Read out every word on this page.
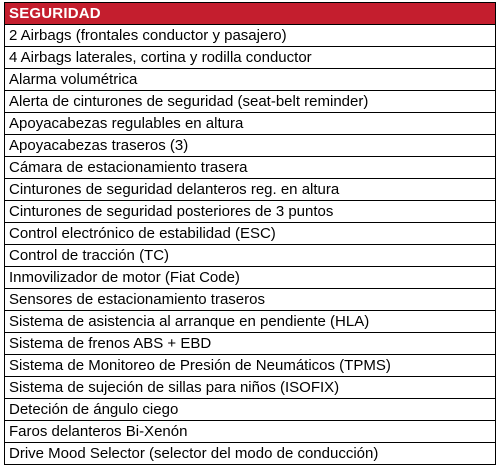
SEGURIDAD
2 Airbags (frontales conductor y pasajero)
4 Airbags laterales, cortina y rodilla conductor
Alarma volumétrica
Alerta de cinturones de seguridad (seat-belt reminder)
Apoyacabezas regulables en altura
Apoyacabezas traseros (3)
Cámara de estacionamiento trasera
Cinturones de seguridad delanteros reg. en altura
Cinturones de seguridad posteriores de 3 puntos
Control electrónico de estabilidad (ESC)
Control de tracción (TC)
Inmovilizador de motor (Fiat Code)
Sensores de estacionamiento traseros
Sistema de asistencia al arranque en pendiente (HLA)
Sistema de frenos ABS + EBD
Sistema de Monitoreo de Presión de Neumáticos (TPMS)
Sistema de sujeción de sillas para niños (ISOFIX)
Deteción de ángulo ciego
Faros delanteros Bi-Xenón
Drive Mood Selector (selector del modo de conducción)
